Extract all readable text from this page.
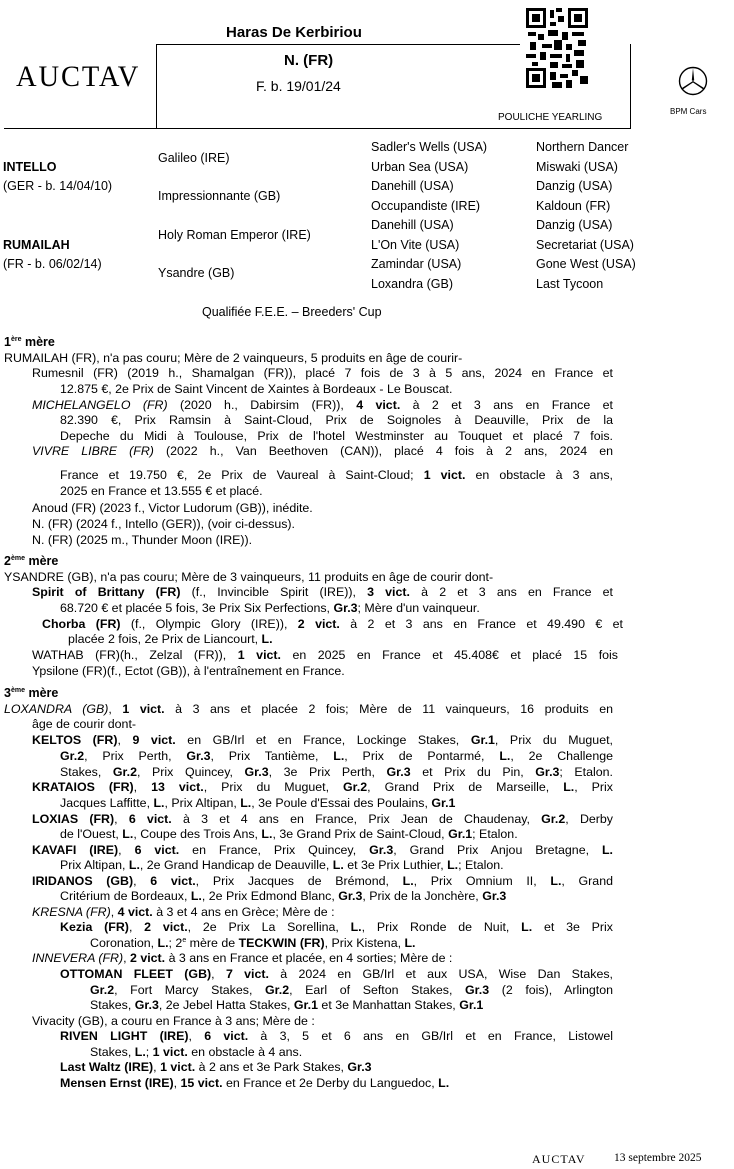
AUCTAV
Haras De Kerbiriou
N. (FR)
F. b. 19/01/24
POULICHE YEARLING
BPM Cars
INTELLO
(GER - b. 14/04/10)
RUMAILAH
(FR - b. 06/02/14)
Galileo (IRE)
Impressionnante (GB)
Holy Roman Emperor (IRE)
Ysandre (GB)
Sadler's Wells (USA)
Urban Sea (USA)
Danehill (USA)
Occupandiste (IRE)
Danehill (USA)
L'On Vite (USA)
Zamindar (USA)
Loxandra (GB)
Northern Dancer
Miswaki (USA)
Danzig (USA)
Kaldoun (FR)
Danzig (USA)
Secretariat (USA)
Gone West (USA)
Last Tycoon
Qualifiée F.E.E. – Breeders' Cup
1ère mère
RUMAILAH (FR), n'a pas couru; Mère de 2 vainqueurs, 5 produits en âge de courir-
Rumesnil (FR) (2019 h., Shamalgan (FR)), placé 7 fois de 3 à 5 ans, 2024 en France et
12.875 €, 2e Prix de Saint Vincent de Xaintes à Bordeaux - Le Bouscat.
MICHELANGELO (FR) (2020 h., Dabirsim (FR)), 4 vict. à 2 et 3 ans en France et
82.390 €, Prix Ramsin à Saint-Cloud, Prix de Soignoles à Deauville, Prix de la
Depeche du Midi à Toulouse, Prix de l'hotel Westminster au Touquet et placé 7 fois.
VIVRE LIBRE (FR) (2022 h., Van Beethoven (CAN)), placé 4 fois à 2 ans, 2024 en
France et 19.750 €, 2e Prix de Vaureal à Saint-Cloud; 1 vict. en obstacle à 3 ans,
2025 en France et 13.555 € et placé.
Anoud (FR) (2023 f., Victor Ludorum (GB)), inédite.
N. (FR) (2024 f., Intello (GER)), (voir ci-dessus).
N. (FR) (2025 m., Thunder Moon (IRE)).
2ème mère
YSANDRE (GB), n'a pas couru; Mère de 3 vainqueurs, 11 produits en âge de courir dont-
Spirit of Brittany (FR) (f., Invincible Spirit (IRE)), 3 vict. à 2 et 3 ans en France et
68.720 € et placée 5 fois, 3e Prix Six Perfections, Gr.3; Mère d'un vainqueur.
Chorba (FR) (f., Olympic Glory (IRE)), 2 vict. à 2 et 3 ans en France et 49.490 € et
placée 2 fois, 2e Prix de Liancourt, L.
WATHAB (FR)(h., Zelzal (FR)), 1 vict. en 2025 en France et 45.408€ et placé 15 fois
Ypsilone (FR)(f., Ectot (GB)), à l'entraînement en France.
3ème mère
LOXANDRA (GB), 1 vict. à 3 ans et placée 2 fois; Mère de 11 vainqueurs, 16 produits en
âge de courir dont-
KELTOS (FR), 9 vict. en GB/Irl et en France, Lockinge Stakes, Gr.1, Prix du Muguet,
Gr.2, Prix Perth, Gr.3, Prix Tantième, L., Prix de Pontarmé, L., 2e Challenge
Stakes, Gr.2, Prix Quincey, Gr.3, 3e Prix Perth, Gr.3 et Prix du Pin, Gr.3; Etalon.
KRATAIOS (FR), 13 vict., Prix du Muguet, Gr.2, Grand Prix de Marseille, L., Prix
Jacques Laffitte, L., Prix Altipan, L., 3e Poule d'Essai des Poulains, Gr.1
LOXIAS (FR), 6 vict. à 3 et 4 ans en France, Prix Jean de Chaudenay, Gr.2, Derby
de l'Ouest, L., Coupe des Trois Ans, L., 3e Grand Prix de Saint-Cloud, Gr.1; Etalon.
KAVAFI (IRE), 6 vict. en France, Prix Quincey, Gr.3, Grand Prix Anjou Bretagne, L.
Prix Altipan, L., 2e Grand Handicap de Deauville, L. et 3e Prix Luthier, L.; Etalon.
IRIDANOS (GB), 6 vict., Prix Jacques de Brémond, L., Prix Omnium II, L., Grand
Critérium de Bordeaux, L., 2e Prix Edmond Blanc, Gr.3, Prix de la Jonchère, Gr.3
KRESNA (FR), 4 vict. à 3 et 4 ans en Grèce; Mère de :
Kezia (FR), 2 vict., 2e Prix La Sorellina, L., Prix Ronde de Nuit, L. et 3e Prix
Coronation, L.; 2e mère de TECKWIN (FR), Prix Kistena, L.
INNEVERA (FR), 2 vict. à 3 ans en France et placée, en 4 sorties; Mère de :
OTTOMAN FLEET (GB), 7 vict. à 2024 en GB/Irl et aux USA, Wise Dan Stakes,
Gr.2, Fort Marcy Stakes, Gr.2, Earl of Sefton Stakes, Gr.3 (2 fois), Arlington
Stakes, Gr.3, 2e Jebel Hatta Stakes, Gr.1 et 3e Manhattan Stakes, Gr.1
Vivacity (GB), a couru en France à 3 ans; Mère de :
RIVEN LIGHT (IRE), 6 vict. à 3, 5 et 6 ans en GB/Irl et en France, Listowel
Stakes, L.; 1 vict. en obstacle à 4 ans.
Last Waltz (IRE), 1 vict. à 2 ans et 3e Park Stakes, Gr.3
Mensen Ernst (IRE), 15 vict. en France et 2e Derby du Languedoc, L.
AUCTAV 13 septembre 2025
